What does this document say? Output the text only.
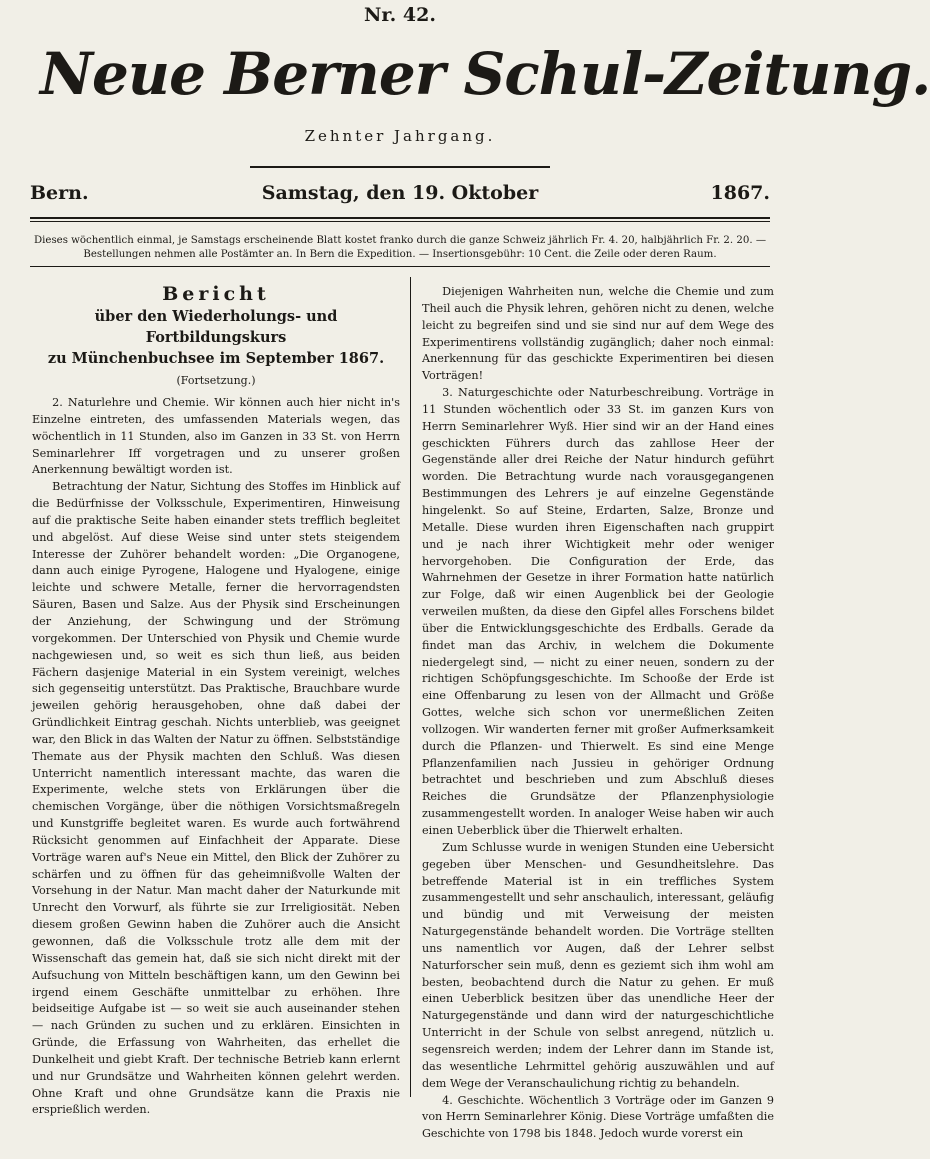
Nr. 42.
Neue Berner Schul-Zeitung.
Zehnter Jahrgang.
Bern.	Samstag, den 19. Oktober	1867.
Dieses wöchentlich einmal, je Samstags erscheinende Blatt kostet franko durch die ganze Schweiz jährlich Fr. 4. 20, halbjährlich Fr. 2. 20. —
Bestellungen nehmen alle Postämter an. In Bern die Expedition. — Insertionsgebühr: 10 Cent. die Zeile oder deren Raum.
Bericht
über den Wiederholungs- und Fortbildungskurs
zu Münchenbuchsee im September 1867.
(Fortsetzung.)

2. Naturlehre und Chemie. Wir können auch hier nicht in's Einzelne eintreten, des umfassenden Materials wegen, das wöchentlich in 11 Stunden, also im Ganzen in 33 St. von Herrn Seminarlehrer Iff vorgetragen und zu unserer großen Anerkennung bewältigt worden ist.

Betrachtung der Natur, Sichtung des Stoffes im Hinblick auf die Bedürfnisse der Volksschule, Experimentiren, Hinweisung auf die praktische Seite haben einander stets trefflich begleitet und abgelöst. Auf diese Weise sind unter stets steigendem Interesse der Zuhörer behandelt worden: „Die Organogene, dann auch einige Pyrogene, Halogene und Hyalogene, einige leichte und schwere Metalle, ferner die hervorragendsten Säuren, Basen und Salze. Aus der Physik sind Erscheinungen der Anziehung, der Schwingung und der Strömung vorgekommen. Der Unterschied von Physik und Chemie wurde nachgewiesen und, so weit es sich thun ließ, aus beiden Fächern dasjenige Material in ein System vereinigt, welches sich gegenseitig unterstützt. Das Praktische, Brauchbare wurde jeweilen gehörig herausgehoben, ohne daß dabei der Gründlichkeit Eintrag geschah. Nichts unterblieb, was geeignet war, den Blick in das Walten der Natur zu öffnen. Selbstständige Themate aus der Physik machten den Schluß. Was diesen Unterricht namentlich interessant machte, das waren die Experimente, welche stets von Erklärungen über die chemischen Vorgänge, über die nöthigen Vorsichtsmaßregeln und Kunstgriffe begleitet waren. Es wurde auch fortwährend Rücksicht genommen auf Einfachheit der Apparate. Diese Vorträge waren auf's Neue ein Mittel, den Blick der Zuhörer zu schärfen und zu öffnen für das geheimnißvolle Walten der Vorsehung in der Natur. Man macht daher der Naturkunde mit Unrecht den Vorwurf, als führte sie zur Irreligiosität. Neben diesem großen Gewinn haben die Zuhörer auch die Ansicht gewonnen, daß die Volksschule trotz alle dem mit der Wissenschaft das gemein hat, daß sie sich nicht direkt mit der Aufsuchung von Mitteln beschäftigen kann, um den Gewinn bei irgend einem Geschäfte unmittelbar zu erhöhen. Ihre beidseitige Aufgabe ist — so weit sie auch auseinander stehen — nach Gründen zu suchen und zu erklären. Einsichten in Gründe, die Erfassung von Wahrheiten, das erhellet die Dunkelheit und giebt Kraft. Der technische Betrieb kann erlernt und nur Grundsätze und Wahrheiten können gelehrt werden. Ohne Kraft und ohne Grundsätze kann die Praxis nie ersprießlich werden.

Diejenigen Wahrheiten nun, welche die Chemie und zum Theil auch die Physik lehren, gehören nicht zu denen, welche leicht zu begreifen sind und sie sind nur auf dem Wege des Experimentirens vollständig zugänglich; daher noch einmal: Anerkennung für das geschickte Experimentiren bei diesen Vorträgen!

3. Naturgeschichte oder Naturbeschreibung. Vorträge in 11 Stunden wöchentlich oder 33 St. im ganzen Kurs von Herrn Seminarlehrer Wyß. Hier sind wir an der Hand eines geschickten Führers durch das zahllose Heer der Gegenstände aller drei Reiche der Natur hindurch geführt worden. Die Betrachtung wurde nach vorausgegangenen Bestimmungen des Lehrers je auf einzelne Gegenstände hingelenkt. So auf Steine, Erdarten, Salze, Bronze und Metalle. Diese wurden ihren Eigenschaften nach gruppirt und je nach ihrer Wichtigkeit mehr oder weniger hervorgehoben. Die Configuration der Erde, das Wahrnehmen der Gesetze in ihrer Formation hatte natürlich zur Folge, daß wir einen Augenblick bei der Geologie verweilen mußten, da diese den Gipfel alles Forschens bildet über die Entwicklungsgeschichte des Erdballs. Gerade da findet man das Archiv, in welchem die Dokumente niedergelegt sind, — nicht zu einer neuen, sondern zu der richtigen Schöpfungsgeschichte. Im Schooße der Erde ist eine Offenbarung zu lesen von der Allmacht und Größe Gottes, welche sich schon vor unermeßlichen Zeiten vollzogen. Wir wanderten ferner mit großer Aufmerksamkeit durch die Pflanzen- und Thierwelt. Es sind eine Menge Pflanzenfamilien nach Jussieu in gehöriger Ordnung betrachtet und beschrieben und zum Abschluß dieses Reiches die Grundsätze der Pflanzenphysiologie zusammengestellt worden. In analoger Weise haben wir auch einen Ueberblick über die Thierwelt erhalten.

Zum Schlusse wurde in wenigen Stunden eine Uebersicht gegeben über Menschen- und Gesundheitslehre. Das betreffende Material ist in ein treffliches System zusammengestellt und sehr anschaulich, interessant, geläufig und bündig und mit Verweisung der meisten Naturgegenstände behandelt worden. Die Vorträge stellten uns namentlich vor Augen, daß der Lehrer selbst Naturforscher sein muß, denn es geziemt sich ihm wohl am besten, beobachtend durch die Natur zu gehen. Er muß einen Ueberblick besitzen über das unendliche Heer der Naturgegenstände und dann wird der naturgeschichtliche Unterricht in der Schule von selbst anregend, nützlich u. segensreich werden; indem der Lehrer dann im Stande ist, das wesentliche Lehrmittel gehörig auszuwählen und auf dem Wege der Veranschaulichung richtig zu behandeln.

4. Geschichte. Wöchentlich 3 Vorträge oder im Ganzen 9 von Herrn Seminarlehrer König. Diese Vorträge umfaßten die Geschichte von 1798 bis 1848. Jedoch wurde vorerst ein
